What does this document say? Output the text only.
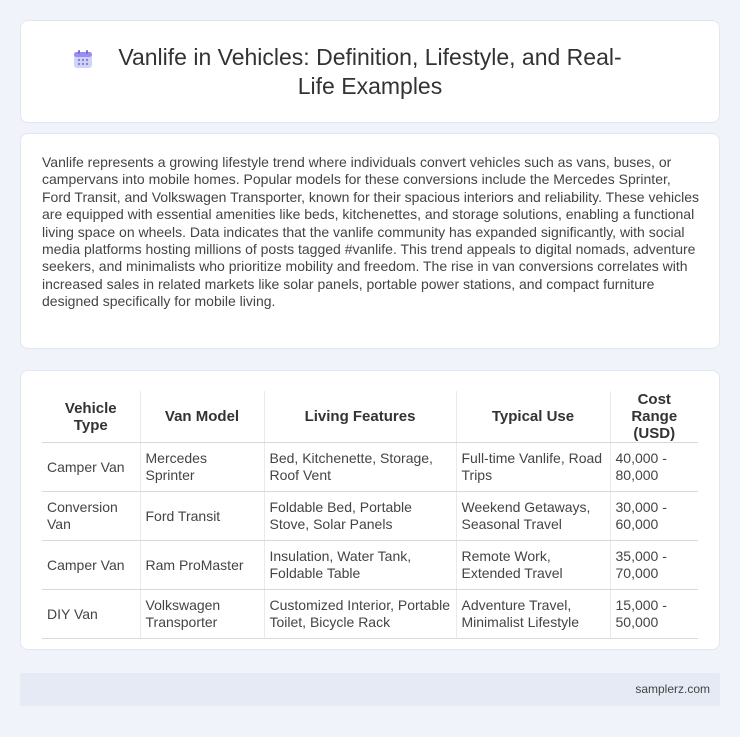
Vanlife in Vehicles: Definition, Lifestyle, and Real-Life Examples

Vanlife represents a growing lifestyle trend where individuals convert vehicles such as vans, buses, or campervans into mobile homes. Popular models for these conversions include the Mercedes Sprinter, Ford Transit, and Volkswagen Transporter, known for their spacious interiors and reliability. These vehicles are equipped with essential amenities like beds, kitchenettes, and storage solutions, enabling a functional living space on wheels. Data indicates that the vanlife community has expanded significantly, with social media platforms hosting millions of posts tagged #vanlife. This trend appeals to digital nomads, adventure seekers, and minimalists who prioritize mobility and freedom. The rise in van conversions correlates with increased sales in related markets like solar panels, portable power stations, and compact furniture designed specifically for mobile living.

Vehicle Type	Van Model	Living Features	Typical Use	Cost Range (USD)
Camper Van	Mercedes Sprinter	Bed, Kitchenette, Storage, Roof Vent	Full-time Vanlife, Road Trips	40,000 - 80,000
Conversion Van	Ford Transit	Foldable Bed, Portable Stove, Solar Panels	Weekend Getaways, Seasonal Travel	30,000 - 60,000
Camper Van	Ram ProMaster	Insulation, Water Tank, Foldable Table	Remote Work, Extended Travel	35,000 - 70,000
DIY Van	Volkswagen Transporter	Customized Interior, Portable Toilet, Bicycle Rack	Adventure Travel, Minimalist Lifestyle	15,000 - 50,000
samplerz.com
